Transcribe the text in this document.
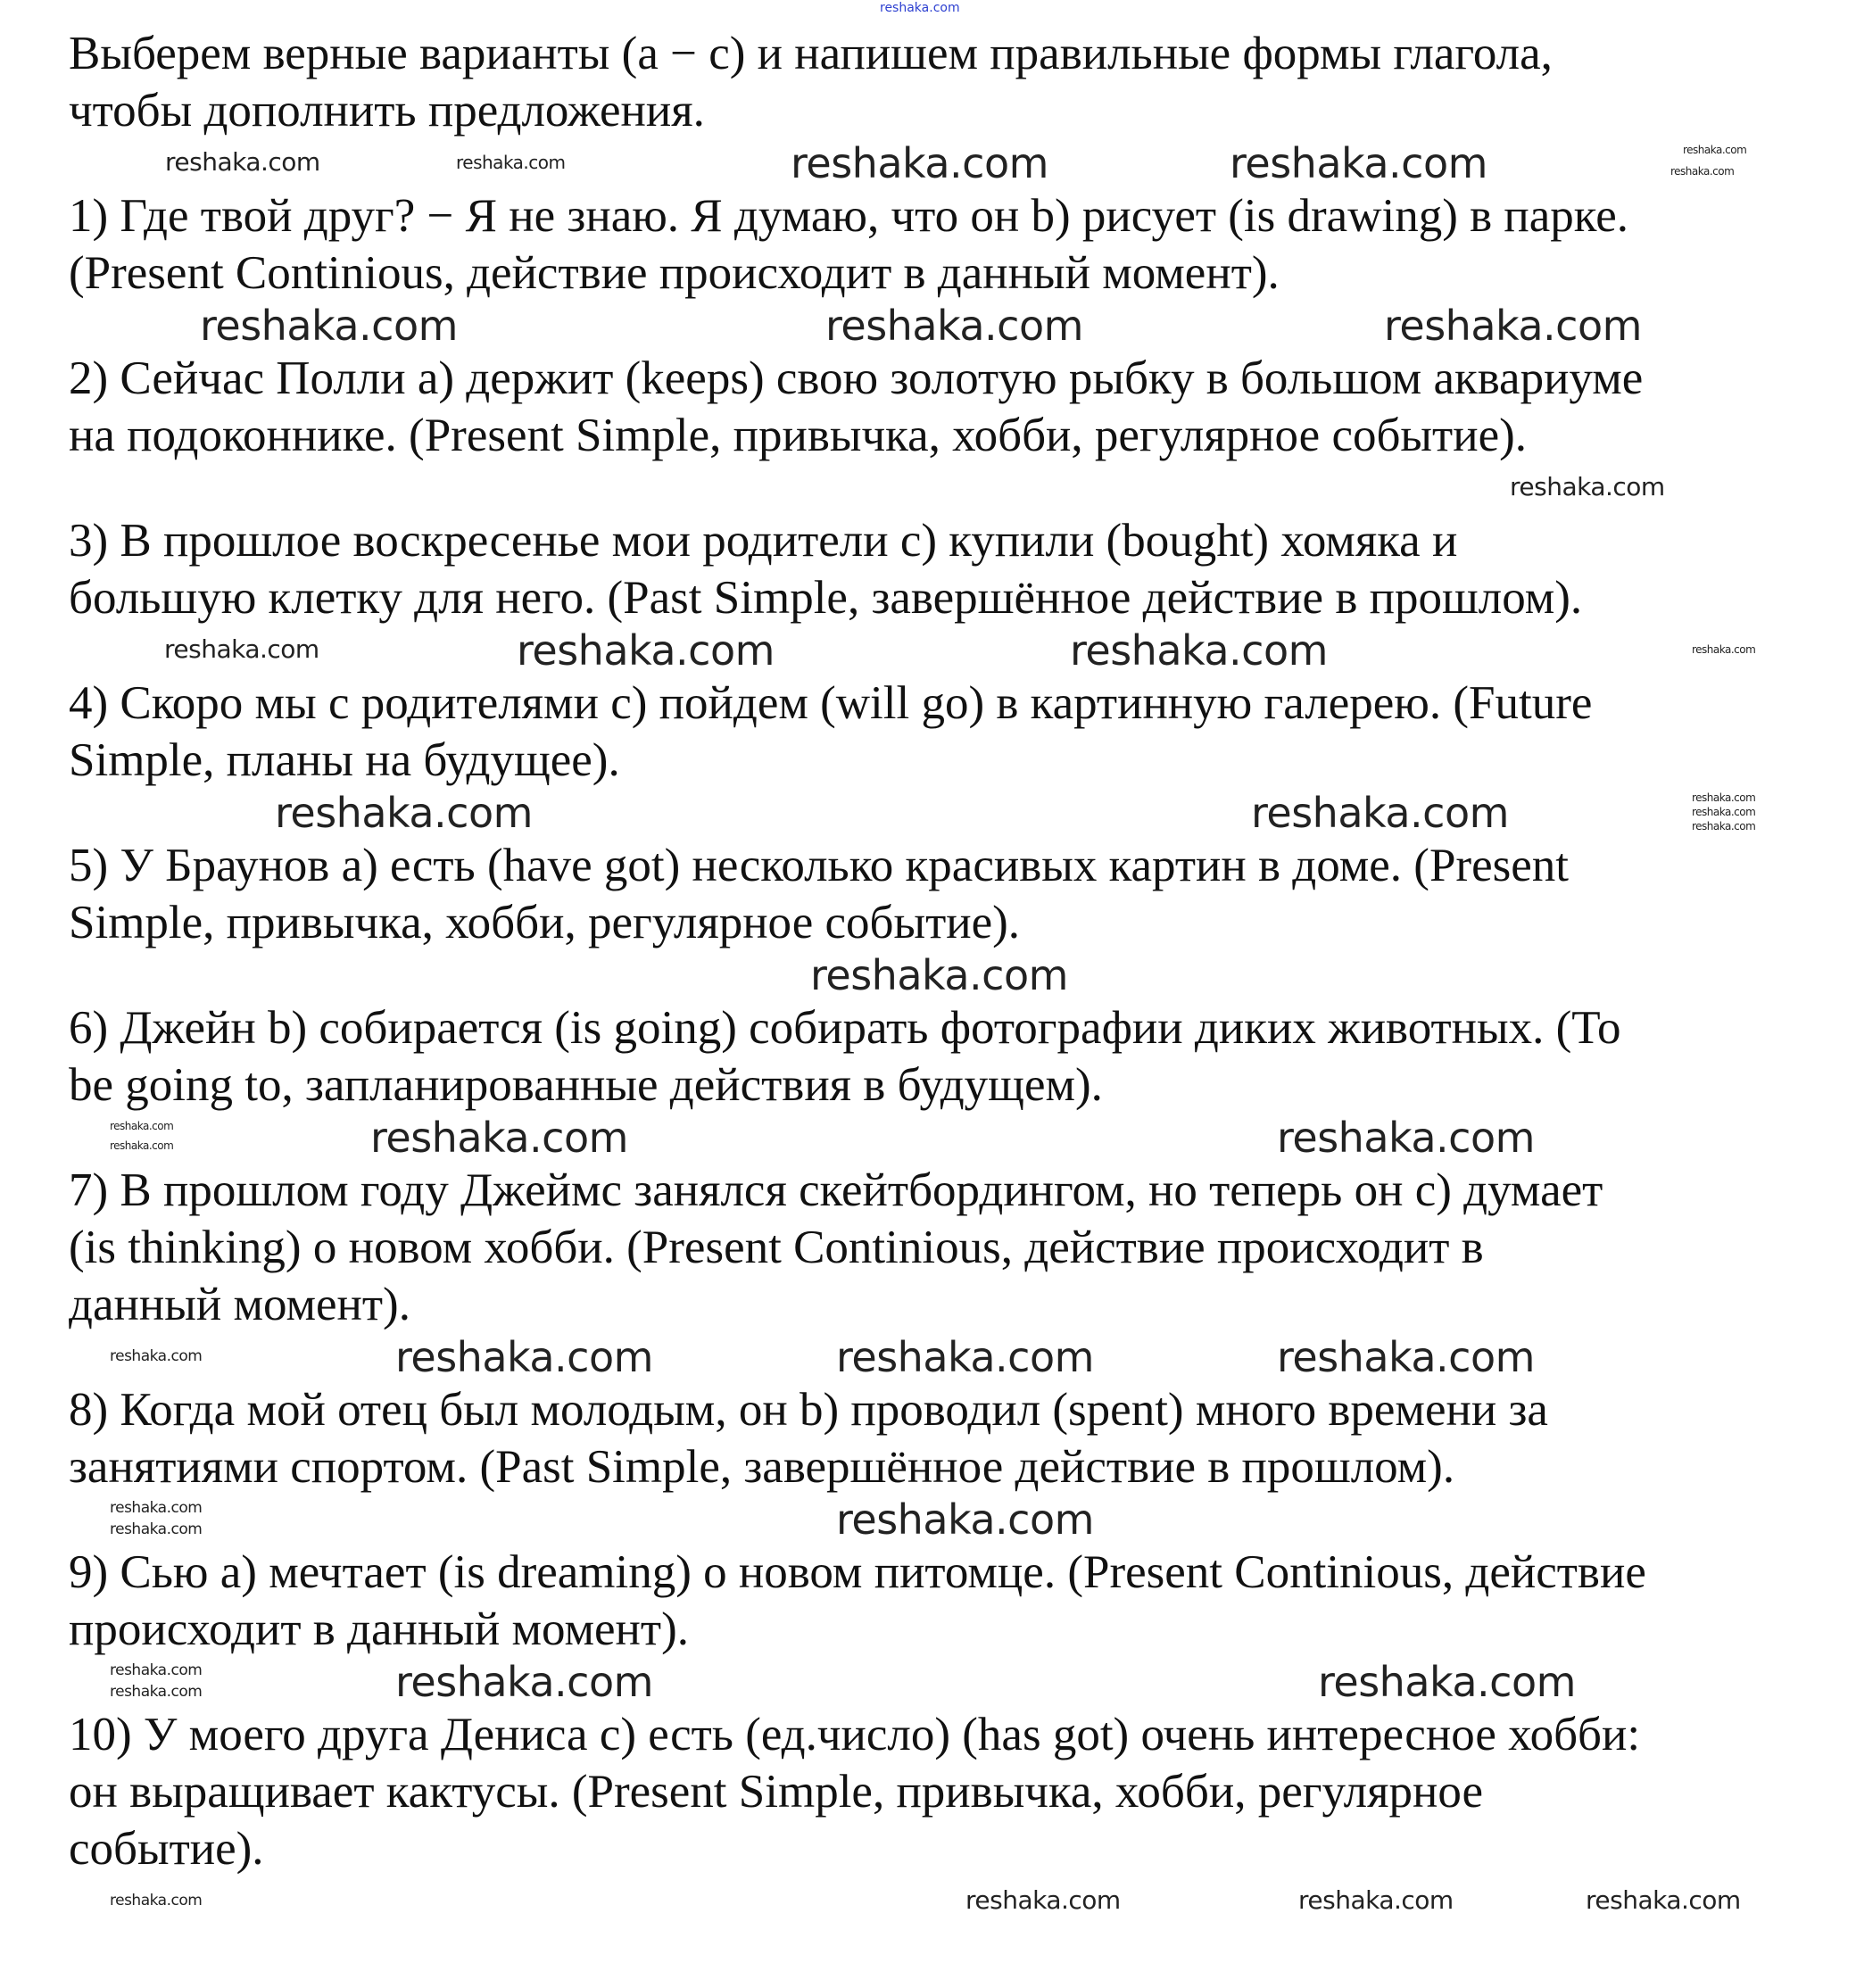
reshaka.com
Выберем верные варианты (a − c) и напишем правильные формы глагола,
чтобы дополнить предложения.
reshaka.com
reshaka.com
reshaka.com	reshaka.com
reshaka.com
reshaka.com
1) Где твой друг? − Я не знаю. Я думаю, что он b) рисует (is drawing) в парке.
(Present Continious, действие происходит в данный момент).
reshaka.com	reshaka.com
reshaka.com
2) Сейчас Полли a) держит (keeps) свою золотую рыбку в большом аквариуме
на подоконнике. (Present Simple, привычка, хобби, регулярное событие).
reshaka.com
3) В прошлое воскресенье мои родители c) купили (bought) хомяка и
большую клетку для него. (Past Simple, завершённое действие в прошлом).
reshaka.com	reshaka.com
reshaka.com	reshaka.com
4) Скоро мы с родителями c) пойдем (will go) в картинную галерею. (Future
Simple, планы на будущее).
reshaka.com	reshaka.com	reshaka.com
reshaka.com
reshaka.com
5) У Браунов a) есть (have got) несколько красивых картин в доме. (Present
Simple, привычка, хобби, регулярное событие).
reshaka.com
6) Джейн b) собирается (is going) собирать фотографии диких животных. (To
be going to, запланированные действия в будущем).
reshaka.com	reshaka.com
reshaka.com
reshaka.com
7) В прошлом году Джеймс занялся скейтбордингом, но теперь он c) думает
(is thinking) о новом хобби. (Present Continious, действие происходит в
данный момент).
reshaka.com
reshaka.com	reshaka.com
reshaka.com
8) Когда мой отец был молодым, он b) проводил (spent) много времени за
занятиями спортом. (Past Simple, завершённое действие в прошлом).
reshaka.com	reshaka.com
reshaka.com
9) Сью a) мечтает (is dreaming) о новом питомце. (Present Continious, действие
происходит в данный момент).
reshaka.com
reshaka.com	reshaka.com
reshaka.com
10) У моего друга Дениса c) есть (ед.число) (has got) очень интересное хобби:
он выращивает кактусы. (Present Simple, привычка, хобби, регулярное
событие).
reshaka.com	reshaka.com	reshaka.com
reshaka.com
